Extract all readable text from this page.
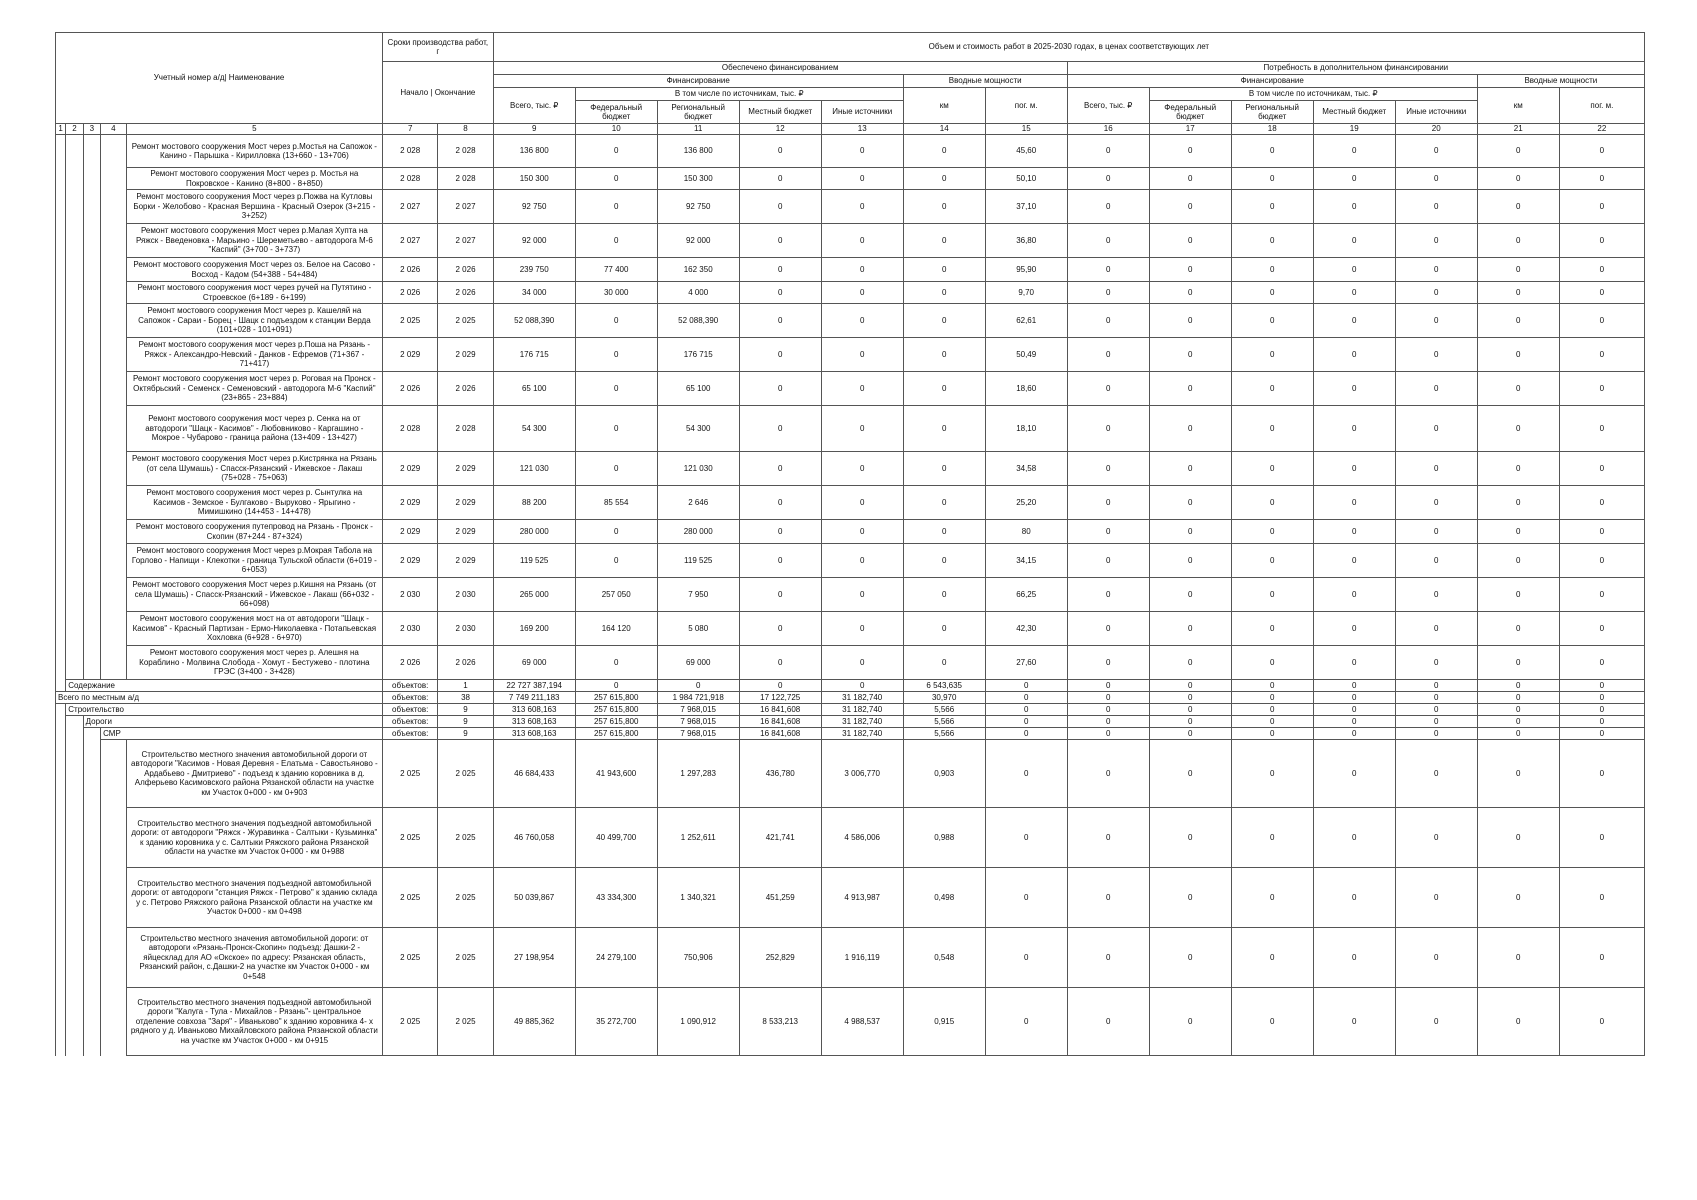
Учетный номер а/д| Наименование					Сроки производства работ, г		Объем и стоимость работ в 2025-2030 годах, в ценах соответствующих лет													
					Начало | Окончание		Обеспечено финансированием							Потребность в дополнительном финансировании						
							Финансирование					Вводные мощности		Финансирование					Вводные мощности	
							Всего, тыс. ₽	В том числе по источникам, тыс. ₽				км	пог. м.	Всего, тыс. ₽	В том числе по источникам, тыс. ₽				км	пог. м.
								Федеральный бюджет	Региональный бюджет	Местный бюджет	Иные источники				Федеральный бюджет	Региональный бюджет	Местный бюджет	Иные источники		
1	2	3	4	5	7	8	9	10	11	12	13	14	15	16	17	18	19	20	21	22
				Ремонт мостового сооружения Мост через р.Мостья на Сапожок - Канино - Парышка - Кирилловка (13+660 - 13+706)	2 028	2 028	136 800	0	136 800	0	0	0	45,60	0	0	0	0	0	0	0
				Ремонт мостового сооружения Мост через р. Мостья на Покровское - Канино (8+800 - 8+850)	2 028	2 028	150 300	0	150 300	0	0	0	50,10	0	0	0	0	0	0	0
				Ремонт мостового сооружения Мост через р.Пожва на Кутловы Борки - Желобово - Красная Вершина - Красный Озерок (3+215 - 3+252)	2 027	2 027	92 750	0	92 750	0	0	0	37,10	0	0	0	0	0	0	0
				Ремонт мостового сооружения Мост через р.Малая Хупта на Ряжск - Введеновка - Марьино - Шереметьево - автодорога М-6 "Каспий" (3+700 - 3+737)	2 027	2 027	92 000	0	92 000	0	0	0	36,80	0	0	0	0	0	0	0
				Ремонт мостового сооружения Мост через оз. Белое на Сасово - Восход - Кадом (54+388 - 54+484)	2 026	2 026	239 750	77 400	162 350	0	0	0	95,90	0	0	0	0	0	0	0
				Ремонт мостового сооружения мост через ручей на Путятино - Строевское (6+189 - 6+199)	2 026	2 026	34 000	30 000	4 000	0	0	0	9,70	0	0	0	0	0	0	0
				Ремонт мостового сооружения Мост через р. Кашеляй на Сапожок - Сараи - Борец - Шацк с подъездом к станции Верда (101+028 - 101+091)	2 025	2 025	52 088,390	0	52 088,390	0	0	0	62,61	0	0	0	0	0	0	0
				Ремонт мостового сооружения мост через р.Поша на Рязань - Ряжск - Александро-Невский - Данков - Ефремов (71+367 - 71+417)	2 029	2 029	176 715	0	176 715	0	0	0	50,49	0	0	0	0	0	0	0
				Ремонт мостового сооружения мост через р. Роговая на Пронск - Октябрьский - Семенск - Семеновский - автодорога М-6 "Каспий" (23+865 - 23+884)	2 026	2 026	65 100	0	65 100	0	0	0	18,60	0	0	0	0	0	0	0
				Ремонт мостового сооружения мост через р. Сенка на от автодороги "Шацк - Касимов" - Любовниково - Каргашино - Мокрое - Чубарово - граница района (13+409 - 13+427)	2 028	2 028	54 300	0	54 300	0	0	0	18,10	0	0	0	0	0	0	0
				Ремонт мостового сооружения Мост через р.Кистрянка на Рязань (от села Шумашь) - Спасск-Рязанский - Ижевское - Лакаш (75+028 - 75+063)	2 029	2 029	121 030	0	121 030	0	0	0	34,58	0	0	0	0	0	0	0
				Ремонт мостового сооружения мост через р. Сынтулка на Касимов - Земское - Булгаково - Выруково - Ярыгино - Мимишкино (14+453 - 14+478)	2 029	2 029	88 200	85 554	2 646	0	0	0	25,20	0	0	0	0	0	0	0
				Ремонт мостового сооружения путепровод на Рязань - Пронск - Скопин (87+244 - 87+324)	2 029	2 029	280 000	0	280 000	0	0	0	80	0	0	0	0	0	0	0
				Ремонт мостового сооружения Мост через р.Мокрая Табола на Горлово - Напищи - Клекотки - граница Тульской области (6+019 - 6+053)	2 029	2 029	119 525	0	119 525	0	0	0	34,15	0	0	0	0	0	0	0
				Ремонт мостового сооружения Мост через р.Кишня на Рязань (от села Шумашь) - Спасск-Рязанский - Ижевское - Лакаш (66+032 - 66+098)	2 030	2 030	265 000	257 050	7 950	0	0	0	66,25	0	0	0	0	0	0	0
				Ремонт мостового сооружения мост на от автодороги "Шацк - Касимов" - Красный Партизан - Ермо-Николаевка - Потапьевская Хохловка (6+928 - 6+970)	2 030	2 030	169 200	164 120	5 080	0	0	0	42,30	0	0	0	0	0	0	0
				Ремонт мостового сооружения мост через р. Алешня на Кораблино - Молвина Слобода - Хомут - Бестужево - плотина ГРЭС (3+400 - 3+428)	2 026	2 026	69 000	0	69 000	0	0	0	27,60	0	0	0	0	0	0	0
	Содержание				объектов:	1	22 727 387,194	0	0	0	0	6 543,635	0	0	0	0	0	0	0	0
Всего по местным а/д					объектов:	38	7 749 211,183	257 615,800	1 984 721,918	17 122,725	31 182,740	30,970	0	0	0	0	0	0	0	0
	Строительство				объектов:	9	313 608,163	257 615,800	7 968,015	16 841,608	31 182,740	5,566	0	0	0	0	0	0	0	0
		Дороги			объектов:	9	313 608,163	257 615,800	7 968,015	16 841,608	31 182,740	5,566	0	0	0	0	0	0	0	0
			СМР		объектов:	9	313 608,163	257 615,800	7 968,015	16 841,608	31 182,740	5,566	0	0	0	0	0	0	0	0
				Строительство местного значения автомобильной дороги от автодороги "Касимов - Новая Деревня - Елатьма - Савостьяново - Ардабьево - Дмитриево" - подъезд к зданию коровника в д. Алферьево Касимовского района Рязанской области на участке км Участок 0+000 - км 0+903	2 025	2 025	46 684,433	41 943,600	1 297,283	436,780	3 006,770	0,903	0	0	0	0	0	0	0	0
				Строительство местного значения подъездной автомобильной дороги: от автодороги "Ряжск - Журавинка - Салтыки - Кузьминка" к зданию коровника у с. Салтыки Ряжского района Рязанской области на участке км Участок 0+000 - км 0+988	2 025	2 025	46 760,058	40 499,700	1 252,611	421,741	4 586,006	0,988	0	0	0	0	0	0	0	0
				Строительство местного значения подъездной автомобильной дороги: от автодороги "станция Ряжск - Петрово" к зданию склада у с. Петрово Ряжского района Рязанской области на участке км Участок 0+000 - км 0+498	2 025	2 025	50 039,867	43 334,300	1 340,321	451,259	4 913,987	0,498	0	0	0	0	0	0	0	0
				Строительство местного значения автомобильной дороги: от автодороги «Рязань-Пронск-Скопин» подъезд: Дашки-2 - яйцесклад для АО «Окское» по адресу: Рязанская область, Рязанский район, с.Дашки-2 на участке км Участок 0+000 - км 0+548	2 025	2 025	27 198,954	24 279,100	750,906	252,829	1 916,119	0,548	0	0	0	0	0	0	0	0
				Строительство местного значения подъездной автомобильной дороги "Калуга - Тула - Михайлов - Рязань"- центральное отделение совхоза "Заря" - Иваньково" к зданию коровника 4- х рядного у д. Иваньково Михайловского района Рязанской области на участке км Участок 0+000 - км 0+915	2 025	2 025	49 885,362	35 272,700	1 090,912	8 533,213	4 988,537	0,915	0	0	0	0	0	0	0	0
